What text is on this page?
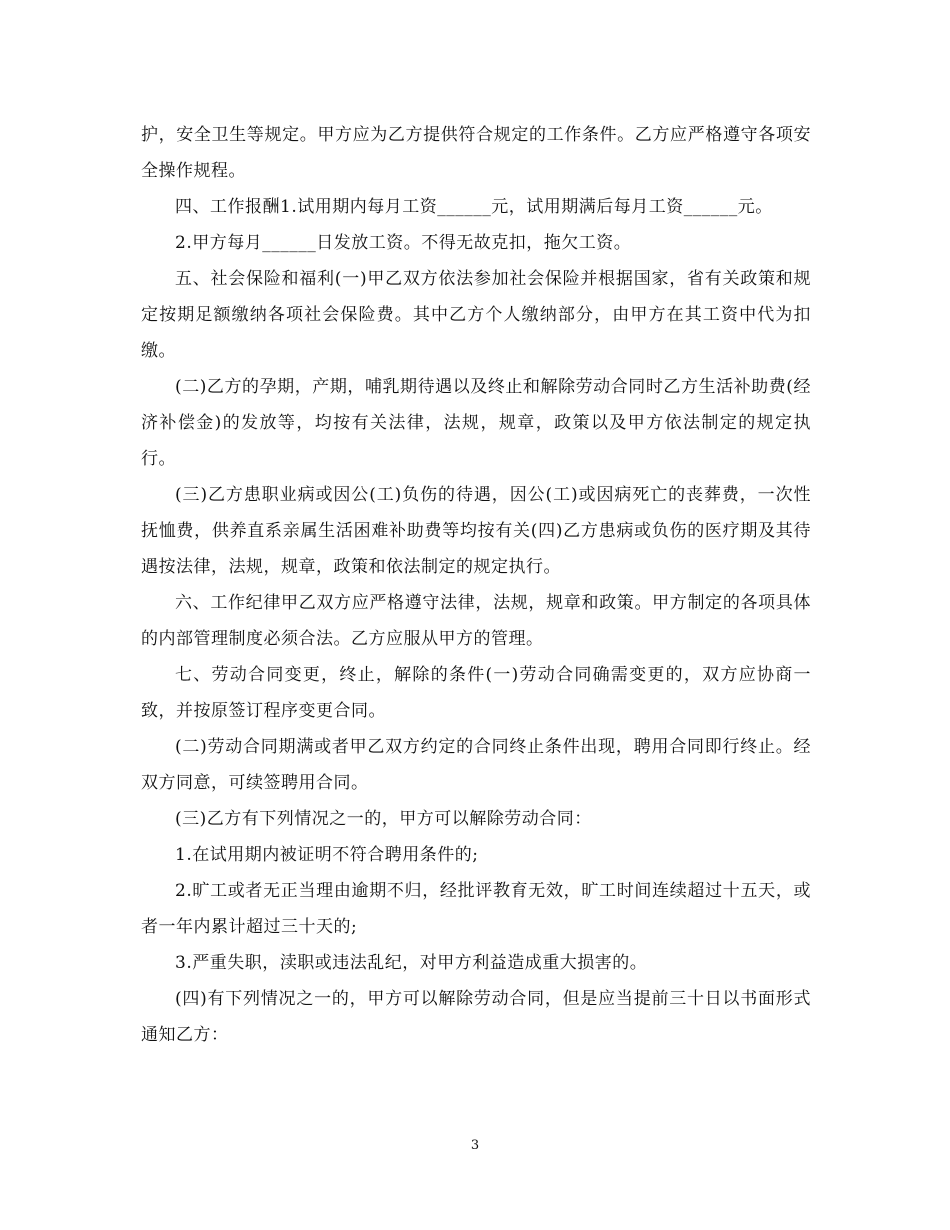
护，安全卫生等规定。甲方应为乙方提供符合规定的工作条件。乙方应严格遵守各项安全操作规程。

四、工作报酬1.试用期内每月工资______元，试用期满后每月工资______元。

2.甲方每月______日发放工资。不得无故克扣，拖欠工资。

五、社会保险和福利(一)甲乙双方依法参加社会保险并根据国家，省有关政策和规定按期足额缴纳各项社会保险费。其中乙方个人缴纳部分，由甲方在其工资中代为扣缴。

(二)乙方的孕期，产期，哺乳期待遇以及终止和解除劳动合同时乙方生活补助费(经济补偿金)的发放等，均按有关法律，法规，规章，政策以及甲方依法制定的规定执行。

(三)乙方患职业病或因公(工)负伤的待遇，因公(工)或因病死亡的丧葬费，一次性抚恤费，供养直系亲属生活困难补助费等均按有关(四)乙方患病或负伤的医疗期及其待遇按法律，法规，规章，政策和依法制定的规定执行。

六、工作纪律甲乙双方应严格遵守法律，法规，规章和政策。甲方制定的各项具体的内部管理制度必须合法。乙方应服从甲方的管理。

七、劳动合同变更，终止，解除的条件(一)劳动合同确需变更的，双方应协商一致，并按原签订程序变更合同。

(二)劳动合同期满或者甲乙双方约定的合同终止条件出现，聘用合同即行终止。经双方同意，可续签聘用合同。

(三)乙方有下列情况之一的，甲方可以解除劳动合同：

1.在试用期内被证明不符合聘用条件的;

2.旷工或者无正当理由逾期不归，经批评教育无效，旷工时间连续超过十五天，或者一年内累计超过三十天的;

3.严重失职，渎职或违法乱纪，对甲方利益造成重大损害的。

(四)有下列情况之一的，甲方可以解除劳动合同，但是应当提前三十日以书面形式通知乙方：

3
